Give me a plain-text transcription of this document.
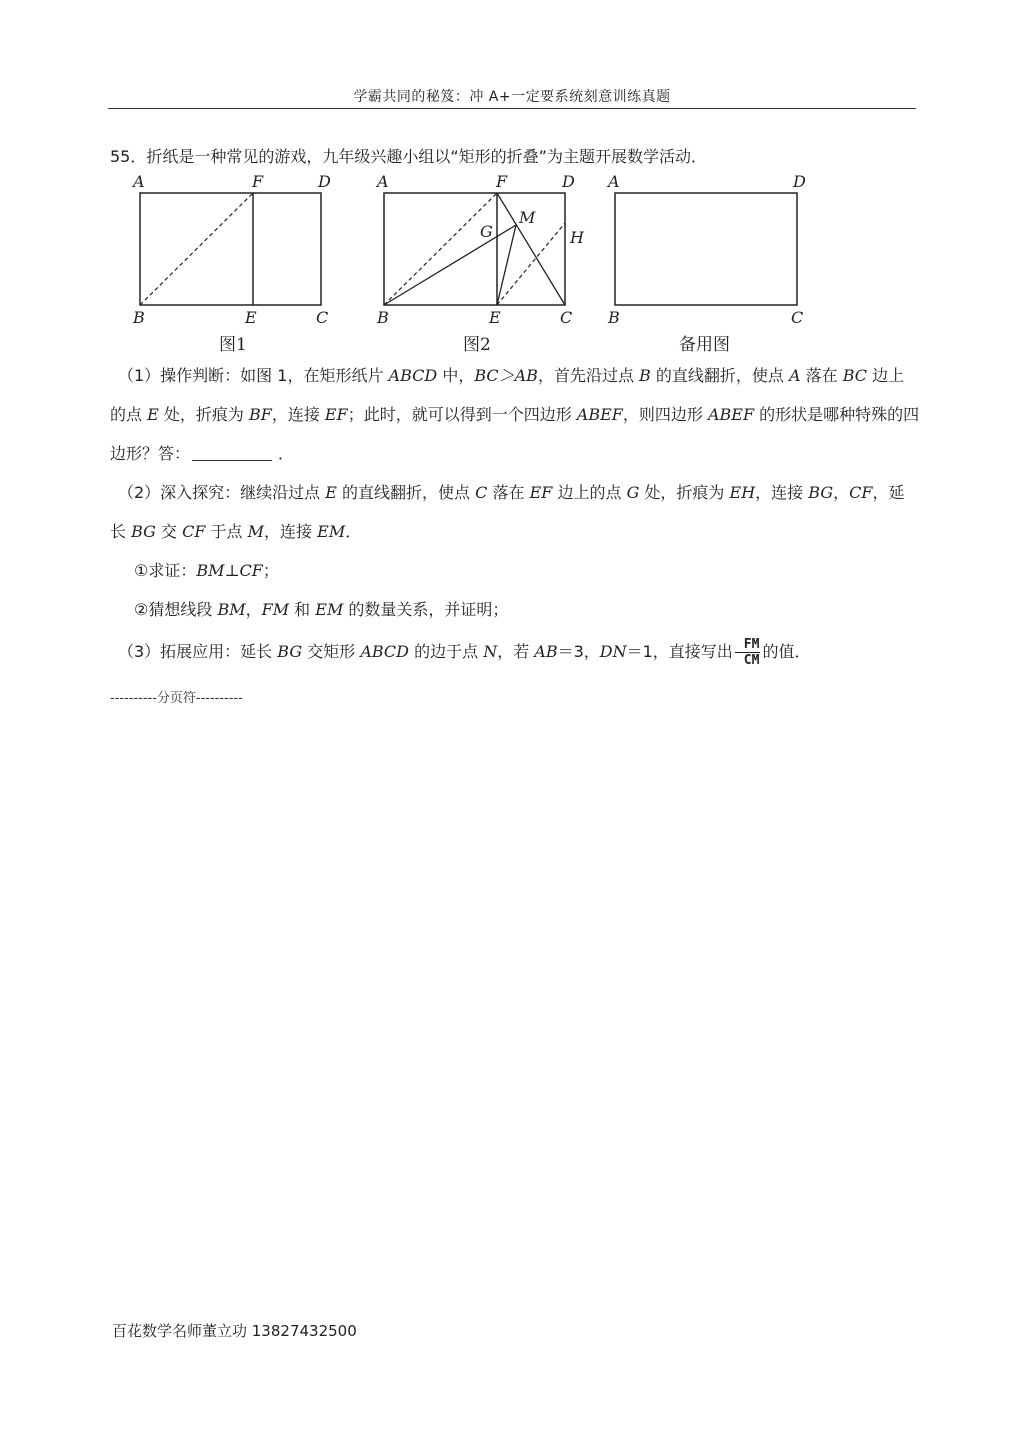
学霸共同的秘笈：冲 A+一定要系统刻意训练真题
55．折纸是一种常见的游戏，九年级兴趣小组以“矩形的折叠”为主题开展数学活动．
A	F	D
B	E	C
图1
A	F	D
B	E	C
G
M
H
图2
A	D
B	C
备用图
（1）操作判断：如图 1，在矩形纸片 ABCD 中，BC＞AB，首先沿过点 B 的直线翻折，使点 A 落在 BC 边上的点 E 处，折痕为 BF，连接 EF；此时，就可以得到一个四边形 ABEF，则四边形 ABEF 的形状是哪种特殊的四边形？答：	．
（2）深入探究：继续沿过点 E 的直线翻折，使点 C 落在 EF 边上的点 G 处，折痕为 EH，连接 BG，CF，延长 BG 交 CF 于点 M，连接 EM．
①求证：BM⊥CF；
②猜想线段 BM，FM 和 EM 的数量关系，并证明；
（3）拓展应用：延长 BG 交矩形 ABCD 的边于点 N，若 AB＝3，DN＝1，直接写出 $\frac{FM}{CM}$ 的值．
----------分页符----------
百花数学名师董立功 13827432500
